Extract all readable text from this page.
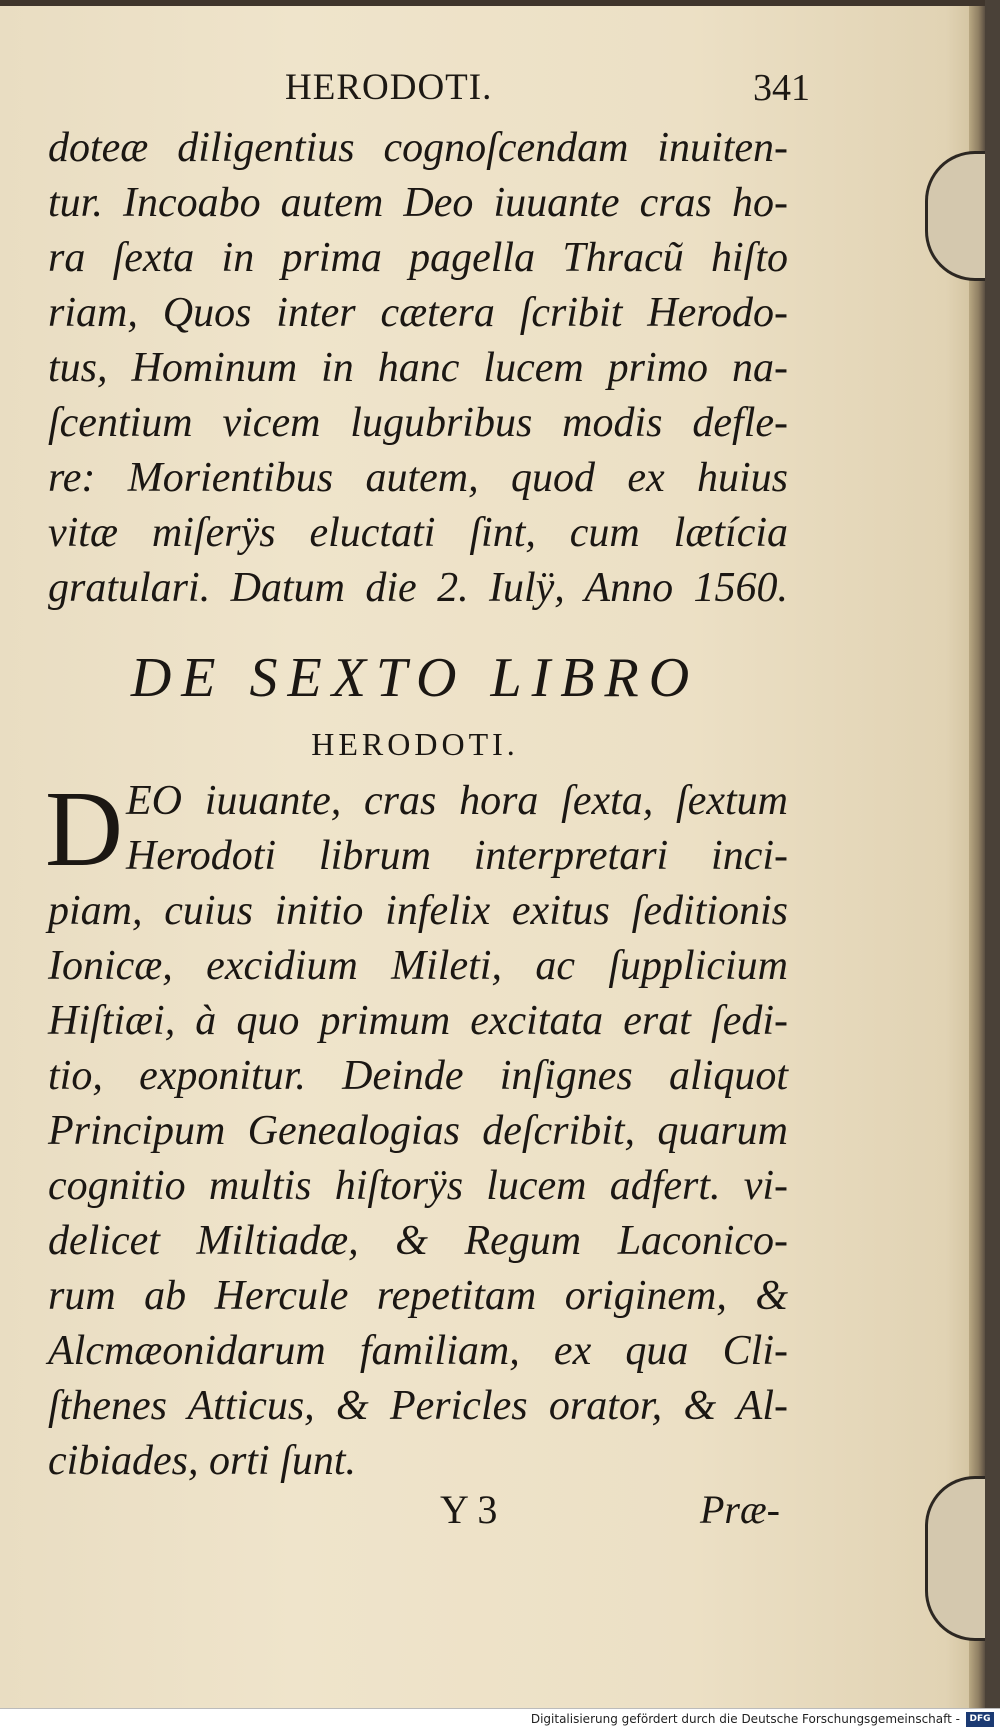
HERODOTI.	341
doteæ diligentius cognoſcendam inuiten-
tur. Incoabo autem Deo iuuante cras ho-
ra ſexta in prima pagella Thracũ hiſto
riam, Quos inter cætera ſcribit Herodo-
tus, Hominum in hanc lucem primo na-
ſcentium vicem lugubribus modis defle-
re: Morientibus autem, quod ex huius
vitæ miſerÿs eluctati ſint, cum lætícia
gratulari. Datum die 2. Iulÿ, Anno 1560.
DE SEXTO LIBRO
HERODOTI.
D EO iuuante, cras hora ſexta, ſextum
Herodoti librum interpretari inci-
piam, cuius initio infelix exitus ſeditionis
Ionicæ, excidium Mileti, ac ſupplicium
Hiſtiæi, à quo primum excitata erat ſedi-
tio, exponitur. Deinde inſignes aliquot
Principum Genealogias deſcribit, quarum
cognitio multis hiſtorÿs lucem adfert. vi-
delicet Miltiadæ, & Regum Laconico-
rum ab Hercule repetitam originem, &
Alcmæonidarum familiam, ex qua Cli-
ſthenes Atticus, & Pericles orator, & Al-
cibiades, orti ſunt.
Y 3	Præ-
Digitalisierung gefördert durch die Deutsche Forschungsgemeinschaft -	DFG
